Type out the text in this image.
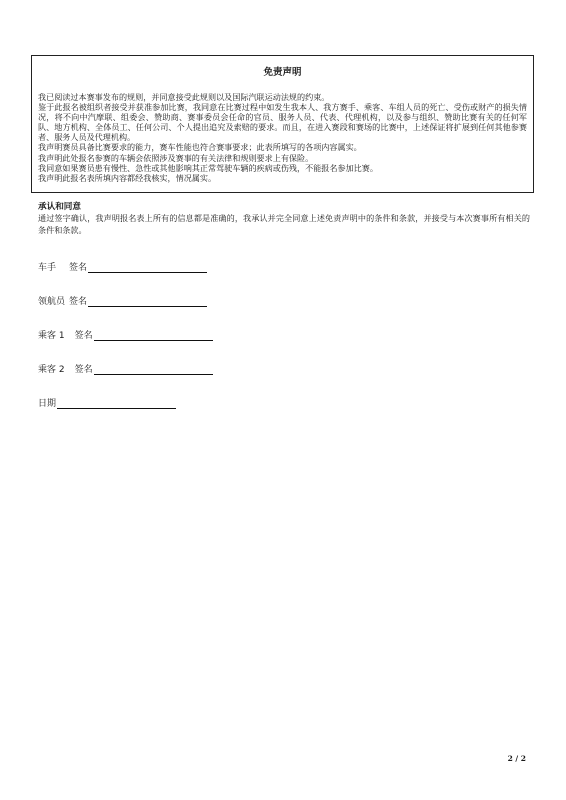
免责声明
我已阅读过本赛事发布的规则，并同意接受此规则以及国际汽联运动法规的约束。
鉴于此报名被组织者接受并获准参加比赛，我同意在比赛过程中如发生我本人、我方赛手、乘客、车组人员的死亡、受伤或财产的损失情况，将不向中汽摩联、组委会、赞助商、赛事委员会任命的官员、服务人员、代表、代理机构，以及参与组织、赞助比赛有关的任何军队、地方机构、全体员工、任何公司、个人提出追究及索赔的要求。而且，在进入赛段和赛场的比赛中，上述保证将扩展到任何其他参赛者、服务人员及代理机构。
我声明赛员具备比赛要求的能力，赛车性能也符合赛事要求；此表所填写的各项内容属实。
我声明此处报名参赛的车辆会依照涉及赛事的有关法律和规则要求上有保险。
我同意如果赛员患有慢性、急性或其他影响其正常驾驶车辆的疾病或伤残，不能报名参加比赛。
我声明此报名表所填内容都经我核实，情况属实。
承认和同意
通过签字确认，我声明报名表上所有的信息都是准确的，我承认并完全同意上述免责声明中的条件和条款，并接受与本次赛事所有相关的条件和条款。
车手 签名
领航员 签名
乘客 1 签名
乘客 2 签名
日期
2 / 2
